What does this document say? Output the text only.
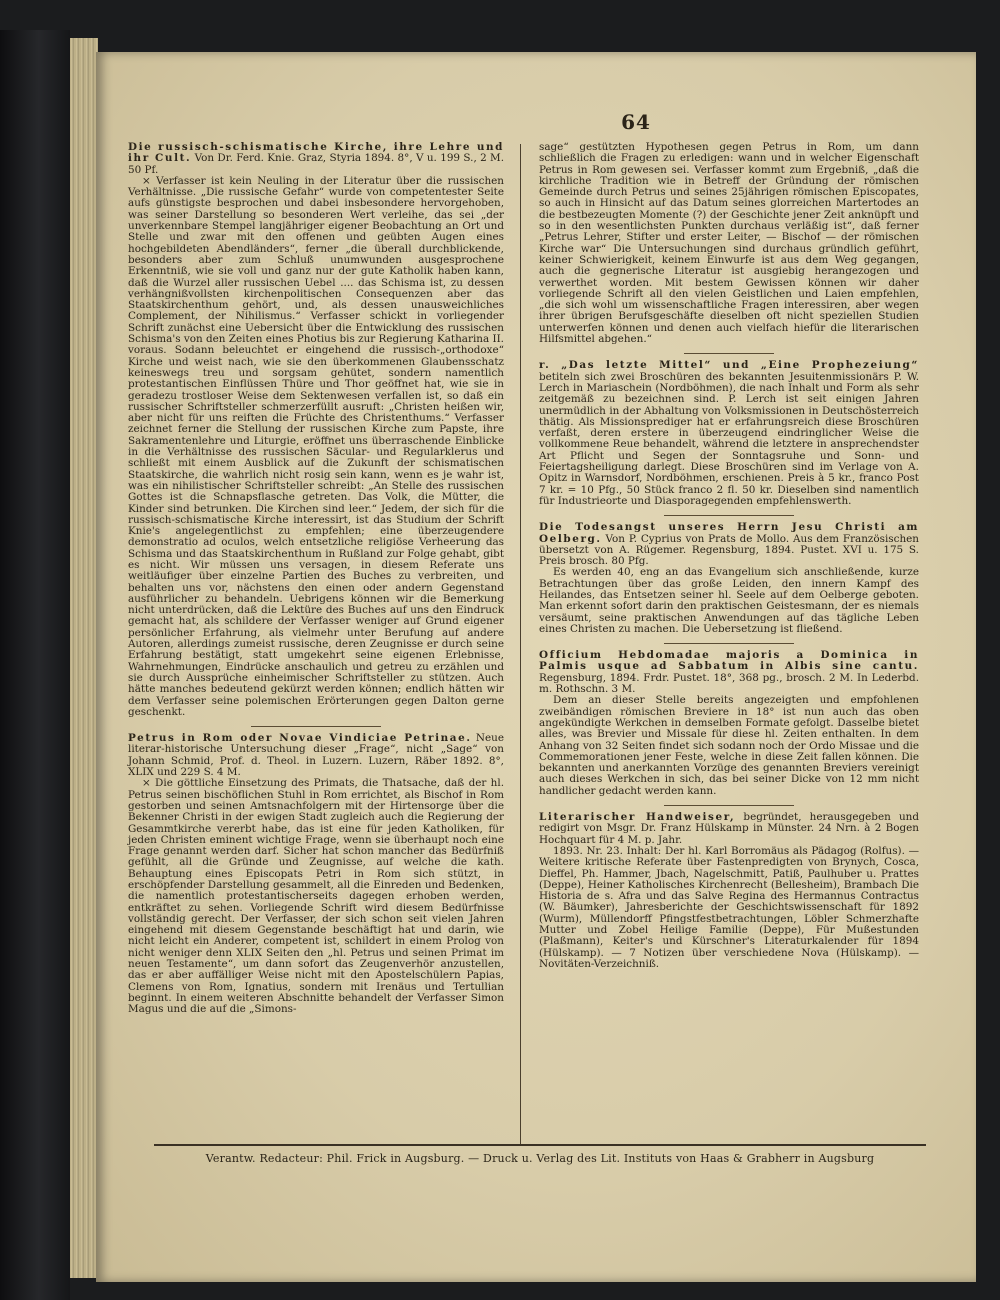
64

Die russisch-schismatische Kirche, ihre Lehre und ihr Cult. Von Dr. Ferd. Knie. Graz, Styria 1894. 8°, V u. 199 S., 2 M. 50 Pf.

× Verfasser ist kein Neuling in der Literatur über die russischen Verhältnisse. „Die russische Gefahr“ wurde von competentester Seite aufs günstigste besprochen und dabei insbesondere hervorgehoben, was seiner Darstellung so besonderen Wert verleihe, das sei „der unverkennbare Stempel langjähriger eigener Beobachtung an Ort und Stelle und zwar mit den offenen und geübten Augen eines hochgebildeten Abendländers“, ferner „die überall durchblickende, besonders aber zum Schluß unumwunden ausgesprochene Erkenntniß, wie sie voll und ganz nur der gute Katholik haben kann, daß die Wurzel aller russischen Uebel .... das Schisma ist, zu dessen verhängnißvollsten kirchenpolitischen Consequenzen aber das Staatskirchenthum gehört, und, als dessen unausweichliches Complement, der Nihilismus.“ Verfasser schickt in vorliegender Schrift zunächst eine Uebersicht über die Entwicklung des russischen Schisma's von den Zeiten eines Photius bis zur Regierung Katharina II. voraus. Sodann beleuchtet er eingehend die russisch-„orthodoxe“ Kirche und weist nach, wie sie den überkommenen Glaubensschatz keineswegs treu und sorgsam gehütet, sondern namentlich protestantischen Einflüssen Thüre und Thor geöffnet hat, wie sie in geradezu trostloser Weise dem Sektenwesen verfallen ist, so daß ein russischer Schriftsteller schmerzerfüllt ausruft: „Christen heißen wir, aber nicht für uns reiften die Früchte des Christenthums.“ Verfasser zeichnet ferner die Stellung der russischen Kirche zum Papste, ihre Sakramentenlehre und Liturgie, eröffnet uns überraschende Einblicke in die Verhältnisse des russischen Säcular- und Regularklerus und schließt mit einem Ausblick auf die Zukunft der schismatischen Staatskirche, die wahrlich nicht rosig sein kann, wenn es je wahr ist, was ein nihilistischer Schriftsteller schreibt: „An Stelle des russischen Gottes ist die Schnapsflasche getreten. Das Volk, die Mütter, die Kinder sind betrunken. Die Kirchen sind leer.“ Jedem, der sich für die russisch-schismatische Kirche interessirt, ist das Studium der Schrift Knie's angelegentlichst zu empfehlen; eine überzeugendere demonstratio ad oculos, welch entsetzliche religiöse Verheerung das Schisma und das Staatskirchenthum in Rußland zur Folge gehabt, gibt es nicht. Wir müssen uns versagen, in diesem Referate uns weitläufiger über einzelne Partien des Buches zu verbreiten, und behalten uns vor, nächstens den einen oder andern Gegenstand ausführlicher zu behandeln. Uebrigens können wir die Bemerkung nicht unterdrücken, daß die Lektüre des Buches auf uns den Eindruck gemacht hat, als schildere der Verfasser weniger auf Grund eigener persönlicher Erfahrung, als vielmehr unter Berufung auf andere Autoren, allerdings zumeist russische, deren Zeugnisse er durch seine Erfahrung bestätigt, statt umgekehrt seine eigenen Erlebnisse, Wahrnehmungen, Eindrücke anschaulich und getreu zu erzählen und sie durch Aussprüche einheimischer Schriftsteller zu stützen. Auch hätte manches bedeutend gekürzt werden können; endlich hätten wir dem Verfasser seine polemischen Erörterungen gegen Dalton gerne geschenkt.

Petrus in Rom oder Novae Vindiciae Petrinae. Neue literar-historische Untersuchung dieser „Frage“, nicht „Sage“ von Johann Schmid, Prof. d. Theol. in Luzern. Luzern, Räber 1892. 8°, XLIX und 229 S. 4 M.

× Die göttliche Einsetzung des Primats, die Thatsache, daß der hl. Petrus seinen bischöflichen Stuhl in Rom errichtet, als Bischof in Rom gestorben und seinen Amtsnachfolgern mit der Hirtensorge über die Bekenner Christi in der ewigen Stadt zugleich auch die Regierung der Gesammtkirche vererbt habe, das ist eine für jeden Katholiken, für jeden Christen eminent wichtige Frage, wenn sie überhaupt noch eine Frage genannt werden darf. Sicher hat schon mancher das Bedürfniß gefühlt, all die Gründe und Zeugnisse, auf welche die kath. Behauptung eines Episcopats Petri in Rom sich stützt, in erschöpfender Darstellung gesammelt, all die Einreden und Bedenken, die namentlich protestantischerseits dagegen erhoben werden, entkräftet zu sehen. Vorliegende Schrift wird diesem Bedürfnisse vollständig gerecht. Der Verfasser, der sich schon seit vielen Jahren eingehend mit diesem Gegenstande beschäftigt hat und darin, wie nicht leicht ein Anderer, competent ist, schildert in einem Prolog von nicht weniger denn XLIX Seiten den „hl. Petrus und seinen Primat im neuen Testamente“, um dann sofort das Zeugenverhör anzustellen, das er aber auffälliger Weise nicht mit den Apostelschülern Papias, Clemens von Rom, Ignatius, sondern mit Irenäus und Tertullian beginnt. In einem weiteren Abschnitte behandelt der Verfasser Simon Magus und die auf die „Simons-

sage“ gestützten Hypothesen gegen Petrus in Rom, um dann schließlich die Fragen zu erledigen: wann und in welcher Eigenschaft Petrus in Rom gewesen sei. Verfasser kommt zum Ergebniß, „daß die kirchliche Tradition wie in Betreff der Gründung der römischen Gemeinde durch Petrus und seines 25jährigen römischen Episcopates, so auch in Hinsicht auf das Datum seines glorreichen Martertodes an die bestbezeugten Momente (?) der Geschichte jener Zeit anknüpft und so in den wesentlichsten Punkten durchaus verläßig ist“, daß ferner „Petrus Lehrer, Stifter und erster Leiter, — Bischof — der römischen Kirche war“ Die Untersuchungen sind durchaus gründlich geführt, keiner Schwierigkeit, keinem Einwurfe ist aus dem Weg gegangen, auch die gegnerische Literatur ist ausgiebig herangezogen und verwerthet worden. Mit bestem Gewissen können wir daher vorliegende Schrift all den vielen Geistlichen und Laien empfehlen, „die sich wohl um wissenschaftliche Fragen interessiren, aber wegen ihrer übrigen Berufsgeschäfte dieselben oft nicht speziellen Studien unterwerfen können und denen auch vielfach hiefür die literarischen Hilfsmittel abgehen.“

r. „Das letzte Mittel“ und „Eine Prophezeiung“ betiteln sich zwei Broschüren des bekannten Jesuitenmissionärs P. W. Lerch in Mariaschein (Nordböhmen), die nach Inhalt und Form als sehr zeitgemäß zu bezeichnen sind. P. Lerch ist seit einigen Jahren unermüdlich in der Abhaltung von Volksmissionen in Deutschösterreich thätig. Als Missionsprediger hat er erfahrungsreich diese Broschüren verfaßt, deren erstere in überzeugend eindringlicher Weise die vollkommene Reue behandelt, während die letztere in ansprechendster Art Pflicht und Segen der Sonntagsruhe und Sonn- und Feiertagsheiligung darlegt. Diese Broschüren sind im Verlage von A. Opitz in Warnsdorf, Nordböhmen, erschienen. Preis à 5 kr., franco Post 7 kr. = 10 Pfg., 50 Stück franco 2 fl. 50 kr. Dieselben sind namentlich für Industrieorte und Diasporagegenden empfehlenswerth.

Die Todesangst unseres Herrn Jesu Christi am Oelberg. Von P. Cyprius von Prats de Mollo. Aus dem Französischen übersetzt von A. Rügemer. Regensburg, 1894. Pustet. XVI u. 175 S. Preis brosch. 80 Pfg.

Es werden 40, eng an das Evangelium sich anschließende, kurze Betrachtungen über das große Leiden, den innern Kampf des Heilandes, das Entsetzen seiner hl. Seele auf dem Oelberge geboten. Man erkennt sofort darin den praktischen Geistesmann, der es niemals versäumt, seine praktischen Anwendungen auf das tägliche Leben eines Christen zu machen. Die Uebersetzung ist fließend.

Officium Hebdomadae majoris a Dominica in Palmis usque ad Sabbatum in Albis sine cantu. Regensburg, 1894. Frdr. Pustet. 18°, 368 pg., brosch. 2 M. In Lederbd. m. Rothschn. 3 M.

Dem an dieser Stelle bereits angezeigten und empfohlenen zweibändigen römischen Breviere in 18° ist nun auch das oben angekündigte Werkchen in demselben Formate gefolgt. Dasselbe bietet alles, was Brevier und Missale für diese hl. Zeiten enthalten. In dem Anhang von 32 Seiten findet sich sodann noch der Ordo Missae und die Commemorationen jener Feste, welche in diese Zeit fallen können. Die bekannten und anerkannten Vorzüge des genannten Breviers vereinigt auch dieses Werkchen in sich, das bei seiner Dicke von 12 mm nicht handlicher gedacht werden kann.

Literarischer Handweiser, begründet, herausgegeben und redigirt von Msgr. Dr. Franz Hülskamp in Münster. 24 Nrn. à 2 Bogen Hochquart für 4 M. p. Jahr.

1893. Nr. 23. Inhalt: Der hl. Karl Borromäus als Pädagog (Rolfus). — Weitere kritische Referate über Fastenpredigten von Brynych, Cosca, Dieffel, Ph. Hammer, Jbach, Nagelschmitt, Patiß, Paulhuber u. Prattes (Deppe), Heiner Katholisches Kirchenrecht (Bellesheim), Brambach Die Historia de s. Afra und das Salve Regina des Hermannus Contractus (W. Bäumker), Jahresberichte der Geschichtswissenschaft für 1892 (Wurm), Müllendorff Pfingstfestbetrachtungen, Löbler Schmerzhafte Mutter und Zobel Heilige Familie (Deppe), Für Mußestunden (Plaßmann), Keiter's und Kürschner's Literaturkalender für 1894 (Hülskamp). — 7 Notizen über verschiedene Nova (Hülskamp). — Novitäten-Verzeichniß.

Verantw. Redacteur: Phil. Frick in Augsburg. — Druck u. Verlag des Lit. Instituts von Haas & Grabherr in Augsburg
